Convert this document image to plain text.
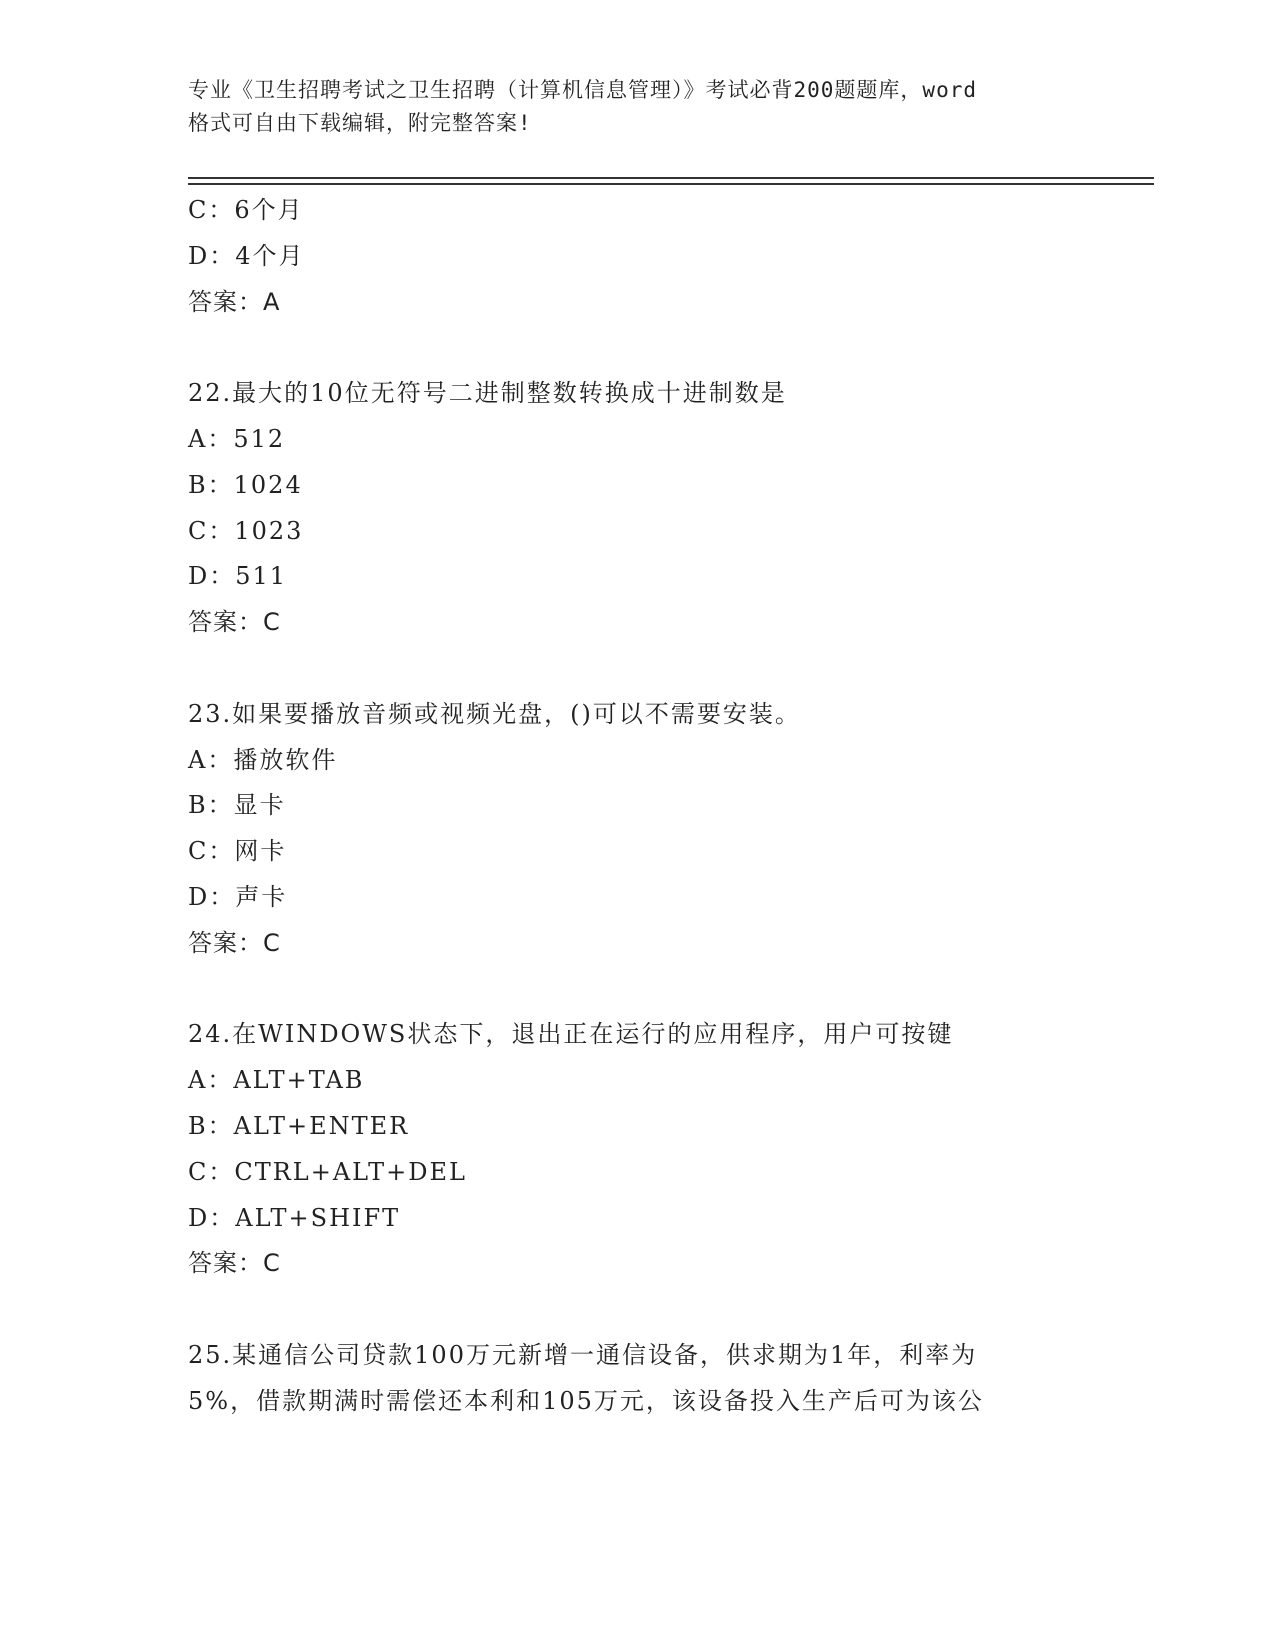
专业《卫生招聘考试之卫生招聘（计算机信息管理）》考试必背200题题库，word
格式可自由下载编辑，附完整答案!
C：6个月
D：4个月
答案：A
22.最大的10位无符号二进制整数转换成十进制数是
A：512
B：1024
C：1023
D：511
答案：C
23.如果要播放音频或视频光盘，()可以不需要安装。
A：播放软件
B：显卡
C：网卡
D：声卡
答案：C
24.在WINDOWS状态下，退出正在运行的应用程序，用户可按键
A：ALT+TAB
B：ALT+ENTER
C：CTRL+ALT+DEL
D：ALT+SHIFT
答案：C
25.某通信公司贷款100万元新增一通信设备，供求期为1年，利率为
5%，借款期满时需偿还本利和105万元，该设备投入生产后可为该公
